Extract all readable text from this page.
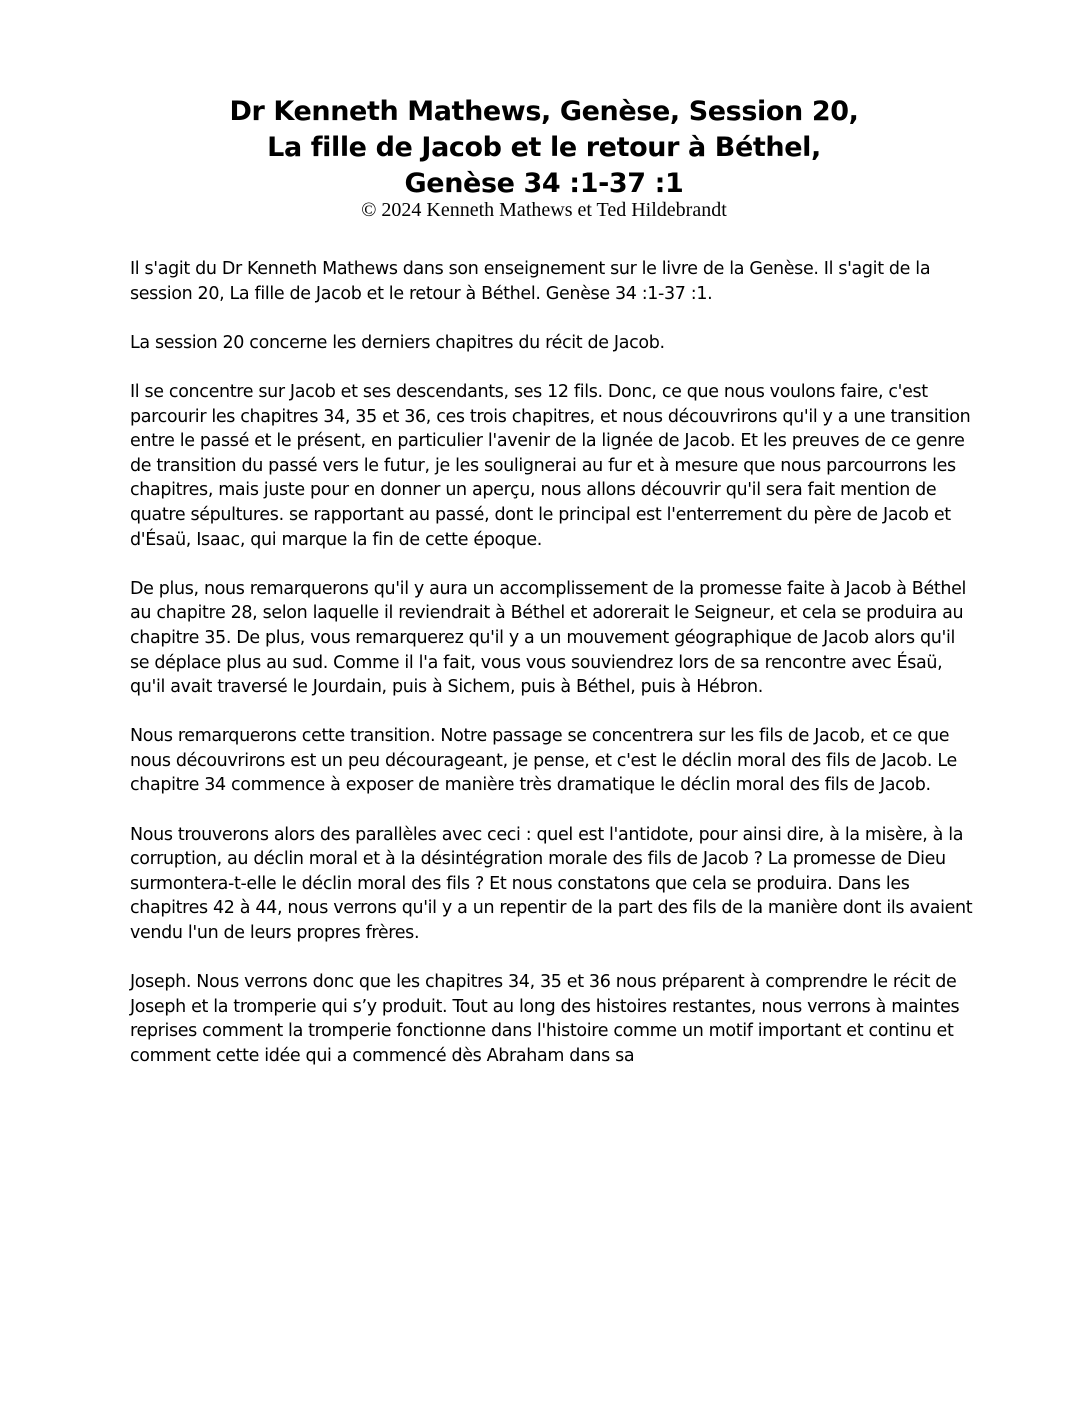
Dr Kenneth Mathews, Genèse, Session 20,
La fille de Jacob et le retour à Béthel,
Genèse 34 :1-37 :1
© 2024 Kenneth Mathews et Ted Hildebrandt

Il s'agit du Dr Kenneth Mathews dans son enseignement sur le livre de la Genèse. Il s'agit de la session 20, La fille de Jacob et le retour à Béthel. Genèse 34 :1-37 :1.

La session 20 concerne les derniers chapitres du récit de Jacob.

Il se concentre sur Jacob et ses descendants, ses 12 fils. Donc, ce que nous voulons faire, c'est parcourir les chapitres 34, 35 et 36, ces trois chapitres, et nous découvrirons qu'il y a une transition entre le passé et le présent, en particulier l'avenir de la lignée de Jacob. Et les preuves de ce genre de transition du passé vers le futur, je les soulignerai au fur et à mesure que nous parcourrons les chapitres, mais juste pour en donner un aperçu, nous allons découvrir qu'il sera fait mention de quatre sépultures. se rapportant au passé, dont le principal est l'enterrement du père de Jacob et d'Ésaü, Isaac, qui marque la fin de cette époque.

De plus, nous remarquerons qu'il y aura un accomplissement de la promesse faite à Jacob à Béthel au chapitre 28, selon laquelle il reviendrait à Béthel et adorerait le Seigneur, et cela se produira au chapitre 35. De plus, vous remarquerez qu'il y a un mouvement géographique de Jacob alors qu'il se déplace plus au sud. Comme il l'a fait, vous vous souviendrez lors de sa rencontre avec Ésaü, qu'il avait traversé le Jourdain, puis à Sichem, puis à Béthel, puis à Hébron.

Nous remarquerons cette transition. Notre passage se concentrera sur les fils de Jacob, et ce que nous découvrirons est un peu décourageant, je pense, et c'est le déclin moral des fils de Jacob. Le chapitre 34 commence à exposer de manière très dramatique le déclin moral des fils de Jacob.

Nous trouverons alors des parallèles avec ceci : quel est l'antidote, pour ainsi dire, à la misère, à la corruption, au déclin moral et à la désintégration morale des fils de Jacob ? La promesse de Dieu surmontera-t-elle le déclin moral des fils ? Et nous constatons que cela se produira. Dans les chapitres 42 à 44, nous verrons qu'il y a un repentir de la part des fils de la manière dont ils avaient vendu l'un de leurs propres frères.

Joseph. Nous verrons donc que les chapitres 34, 35 et 36 nous préparent à comprendre le récit de Joseph et la tromperie qui s’y produit. Tout au long des histoires restantes, nous verrons à maintes reprises comment la tromperie fonctionne dans l'histoire comme un motif important et continu et comment cette idée qui a commencé dès Abraham dans sa
